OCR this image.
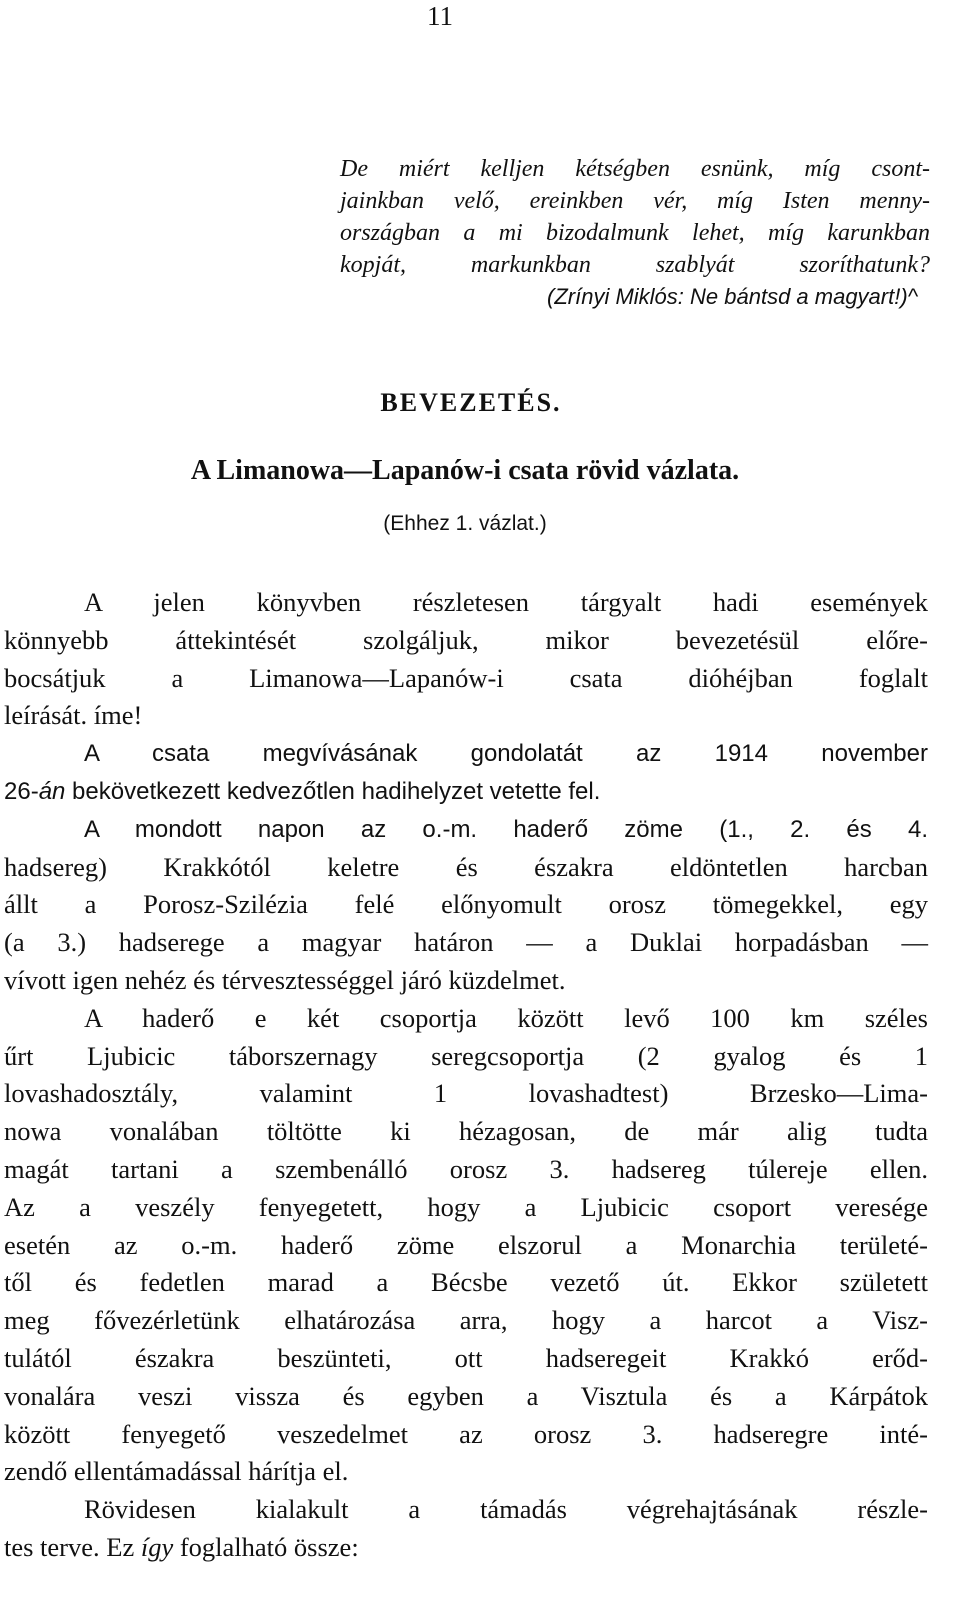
11
De miért kelljen kétségben esnünk, míg csont-
jainkban velő, ereinkben vér, míg Isten menny-
országban a mi bizodalmunk lehet, míg karunkban
kopját, markunkban szablyát szoríthatunk?
(Zrínyi Miklós: Ne bántsd a magyart!)^
BEVEZETÉS.
A Limanowa—Lapanów-i csata rövid vázlata.
(Ehhez 1. vázlat.)
A jelen könyvben részletesen tárgyalt hadi események
könnyebb áttekintését szolgáljuk, mikor bevezetésül előre-
bocsátjuk a Limanowa—Lapanów-i csata dióhéjban foglalt
leírását. íme!
A csata megvívásának gondolatát az 1914 november
26-án bekövetkezett kedvezőtlen hadihelyzet vetette fel.
A mondott napon az o.-m. haderő zöme (1., 2. és 4.
hadsereg) Krakkótól keletre és északra eldöntetlen harcban
állt a Porosz-Szilézia felé előnyomult orosz tömegekkel, egy
(a 3.) hadserege a magyar határon — a Duklai horpadásban —
vívott igen nehéz és térvesztességgel járó küzdelmet.
A haderő e két csoportja között levő 100 km széles
űrt Ljubicic táborszernagy seregcsoportja (2 gyalog és 1
lovashadosztály, valamint 1 lovashadtest) Brzesko—Lima-
nowa vonalában töltötte ki hézagosan, de már alig tudta
magát tartani a szembenálló orosz 3. hadsereg túlereje ellen.
Az a veszély fenyegetett, hogy a Ljubicic csoport veresége
esetén az o.-m. haderő zöme elszorul a Monarchia területé-
től és fedetlen marad a Bécsbe vezető út. Ekkor született
meg fővezérletünk elhatározása arra, hogy a harcot a Visz-
tulától északra beszünteti, ott hadseregeit Krakkó erőd-
vonalára veszi vissza és egyben a Visztula és a Kárpátok
között fenyegető veszedelmet az orosz 3. hadseregre inté-
zendő ellentámadással hárítja el.
Rövidesen kialakult a támadás végrehajtásának részle-
tes terve. Ez így foglalható össze:
